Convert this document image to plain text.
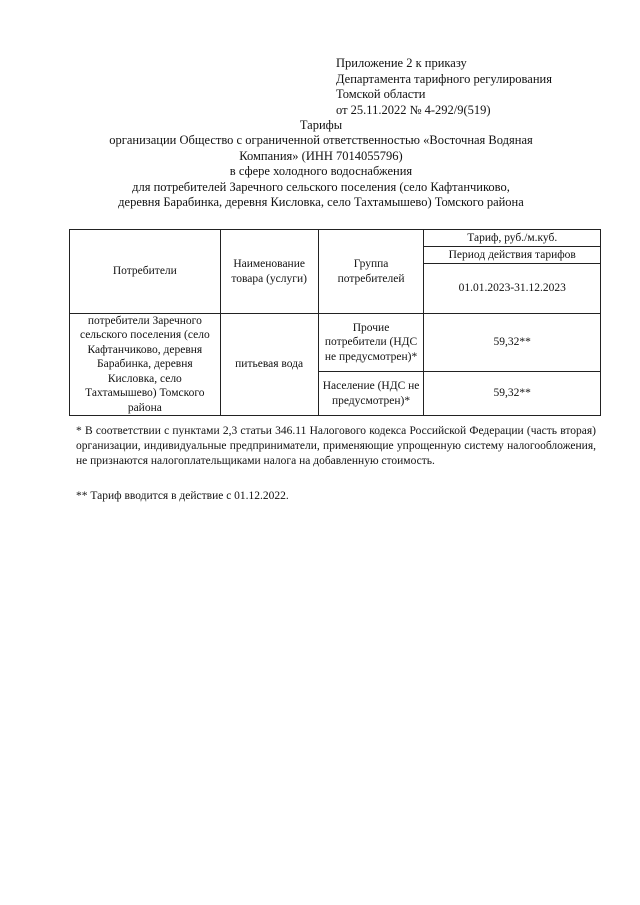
Приложение 2 к приказу
Департамента тарифного регулирования
Томской области
от 25.11.2022 № 4-292/9(519)
Тарифы
организации Общество с ограниченной ответственностью «Восточная Водяная
Компания» (ИНН 7014055796)
в сфере холодного водоснабжения
для потребителей Заречного сельского поселения (село Кафтанчиково,
деревня Барабинка, деревня Кисловка, село Тахтамышево) Томского района
Потребители	Наименование товара (услуги)	Группа потребителей	Тариф, руб./м.куб.
			Период действия тарифов
			01.01.2023-31.12.2023
потребители Заречного сельского поселения (село Кафтанчиково, деревня Барабинка, деревня Кисловка, село Тахтамышево) Томского района	питьевая вода	Прочие потребители (НДС не предусмотрен)*	59,32**
		Население (НДС не предусмотрен)*	59,32**
* В соответствии с пунктами 2,3 статьи 346.11 Налогового кодекса Российской Федерации (часть вторая) организации, индивидуальные предприниматели, применяющие упрощенную систему налогообложения, не признаются налогоплательщиками налога на добавленную стоимость.
** Тариф вводится в действие с 01.12.2022.
